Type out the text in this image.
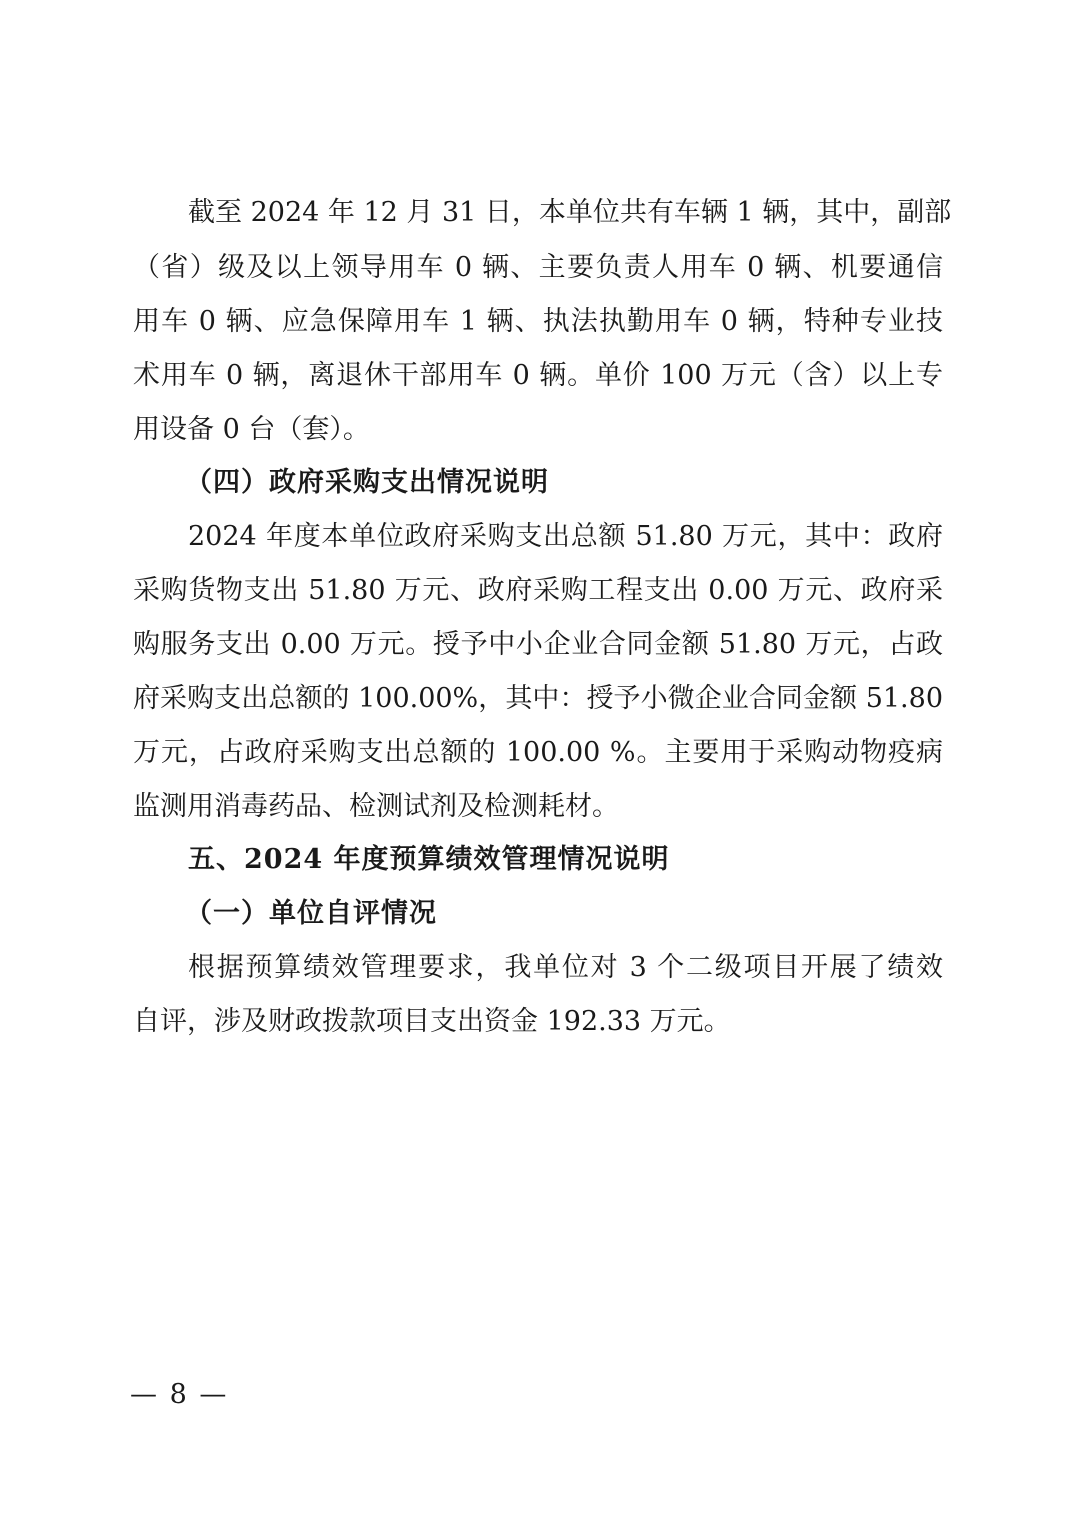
截至 2024 年 12 月 31 日，本单位共有车辆 1 辆，其中，副部
（省）级及以上领导用车 0 辆、主要负责人用车 0 辆、机要通信
用车 0 辆、应急保障用车 1 辆、执法执勤用车 0 辆，特种专业技
术用车 0 辆，离退休干部用车 0 辆。单价 100 万元（含）以上专
用设备 0 台（套）。
（四）政府采购支出情况说明
2024 年度本单位政府采购支出总额 51.80 万元，其中：政府
采购货物支出 51.80 万元、政府采购工程支出 0.00 万元、政府采
购服务支出 0.00 万元。授予中小企业合同金额 51.80 万元，占政
府采购支出总额的 100.00%，其中：授予小微企业合同金额 51.80
万元，占政府采购支出总额的 100.00 %。主要用于采购动物疫病
监测用消毒药品、检测试剂及检测耗材。
五、2024 年度预算绩效管理情况说明
（一）单位自评情况
根据预算绩效管理要求，我单位对 3 个二级项目开展了绩效
自评，涉及财政拨款项目支出资金 192.33 万元。
— 8 —
